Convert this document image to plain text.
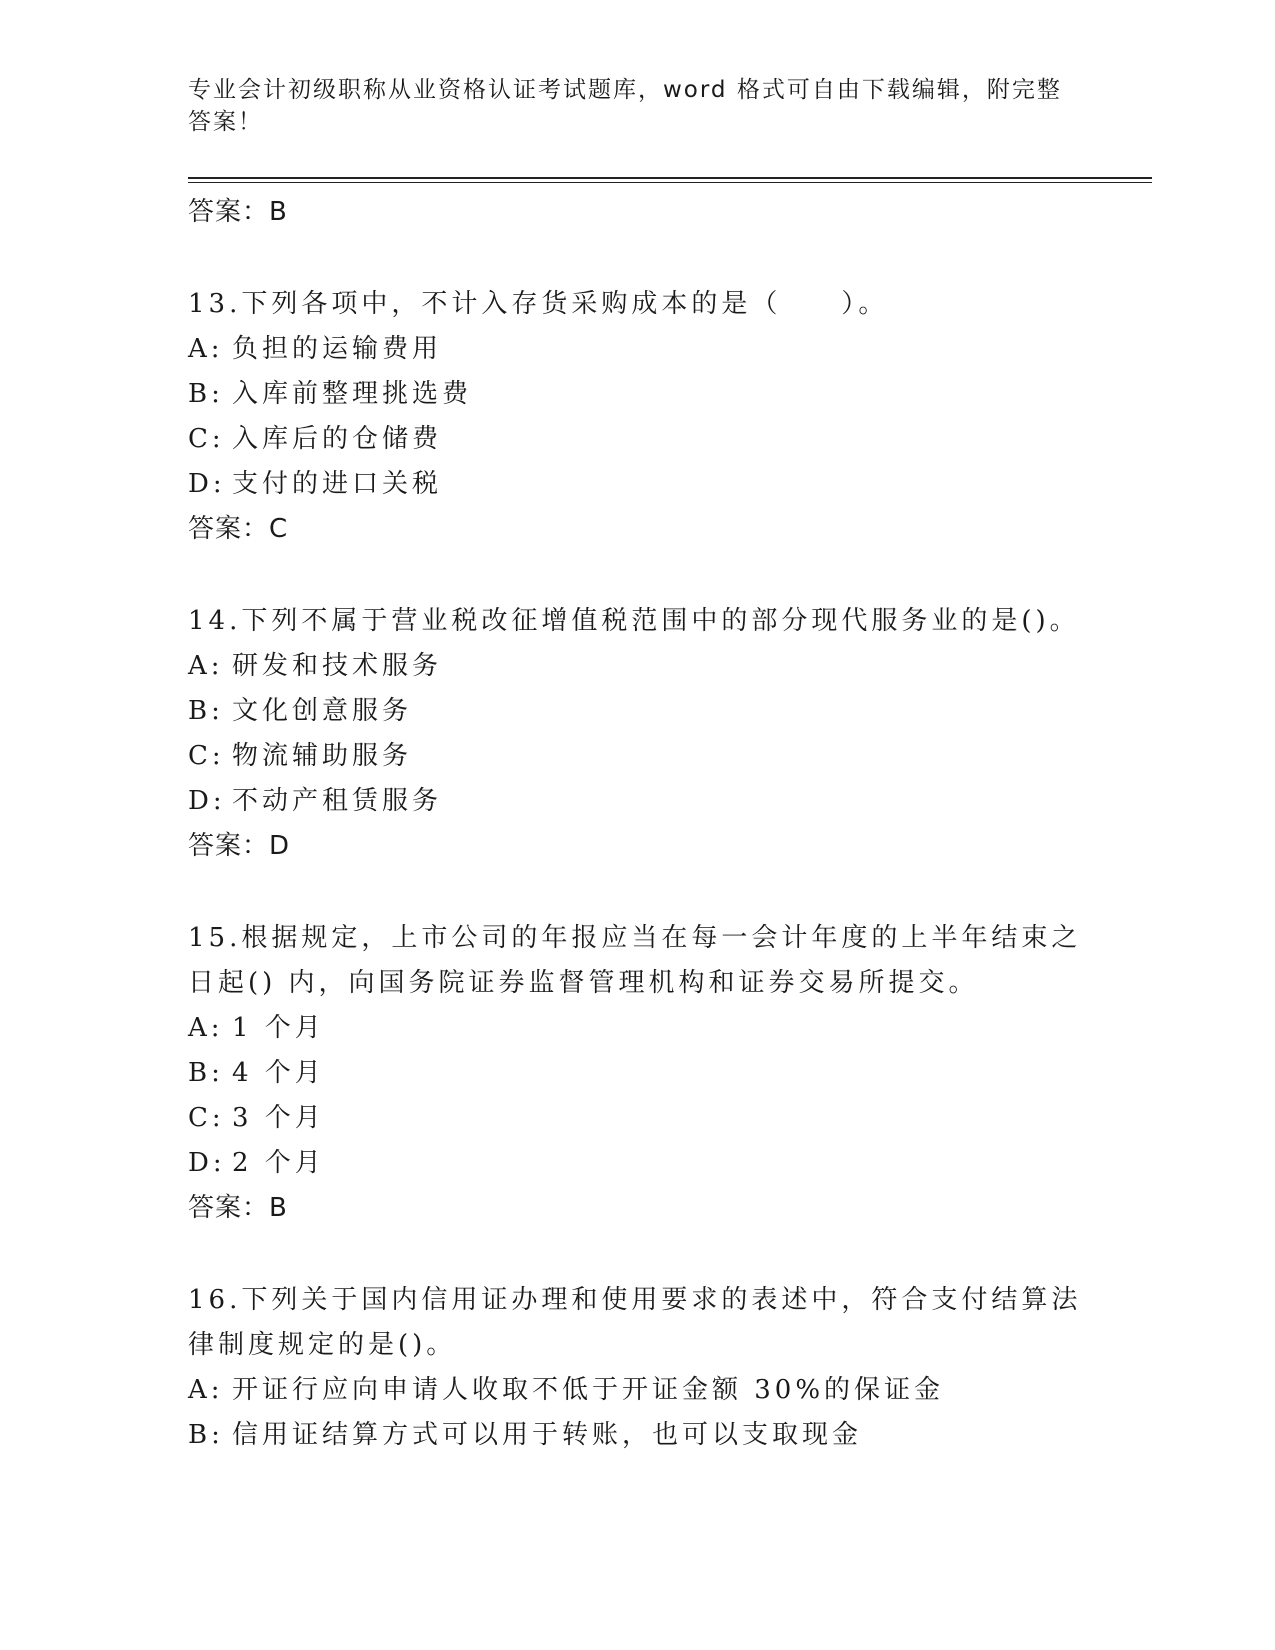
专业会计初级职称从业资格认证考试题库，word 格式可自由下载编辑，附完整答案！
答案：B
13.下列各项中，不计入存货采购成本的是（　　）。
A: 负担的运输费用
B: 入库前整理挑选费
C: 入库后的仓储费
D: 支付的进口关税
答案：C
14.下列不属于营业税改征增值税范围中的部分现代服务业的是()。
A: 研发和技术服务
B: 文化创意服务
C: 物流辅助服务
D: 不动产租赁服务
答案：D
15.根据规定，上市公司的年报应当在每一会计年度的上半年结束之日起() 内，向国务院证券监督管理机构和证券交易所提交。
A: 1 个月
B: 4 个月
C: 3 个月
D: 2 个月
答案：B
16.下列关于国内信用证办理和使用要求的表述中，符合支付结算法律制度规定的是()。
A: 开证行应向申请人收取不低于开证金额 30%的保证金
B: 信用证结算方式可以用于转账，也可以支取现金
